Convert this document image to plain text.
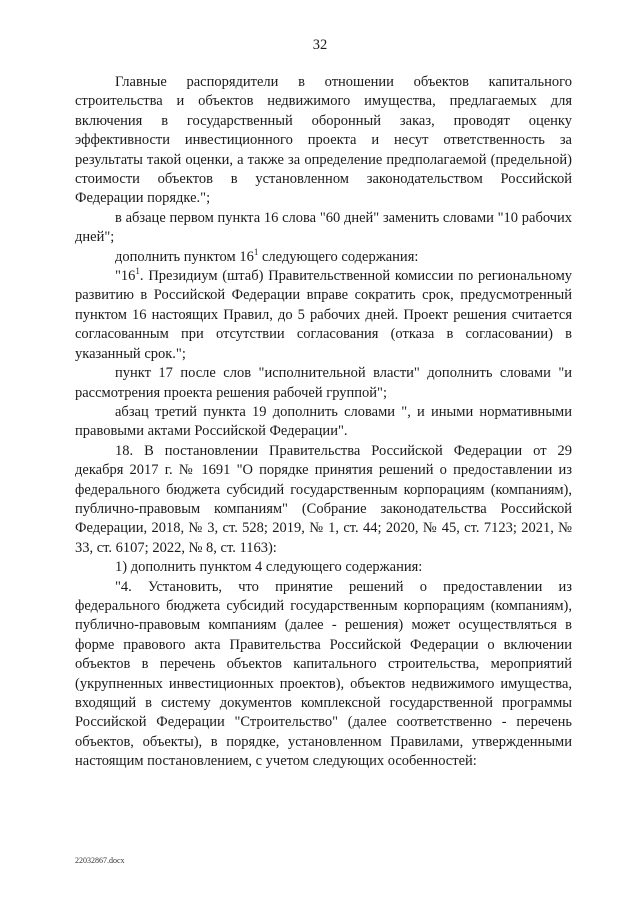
32

Главные распорядители в отношении объектов капитального строительства и объектов недвижимого имущества, предлагаемых для включения в государственный оборонный заказ, проводят оценку эффективности инвестиционного проекта и несут ответственность за результаты такой оценки, а также за определение предполагаемой (предельной) стоимости объектов в установленном законодательством Российской Федерации порядке.";

в абзаце первом пункта 16 слова "60 дней" заменить словами "10 рабочих дней";

дополнить пунктом $16^1$ следующего содержания:

"$16^1$. Президиум (штаб) Правительственной комиссии по региональному развитию в Российской Федерации вправе сократить срок, предусмотренный пунктом 16 настоящих Правил, до 5 рабочих дней. Проект решения считается согласованным при отсутствии согласования (отказа в согласовании) в указанный срок.";

пункт 17 после слов "исполнительной власти" дополнить словами "и рассмотрения проекта решения рабочей группой";

абзац третий пункта 19 дополнить словами ", и иными нормативными правовыми актами Российской Федерации".

18. В постановлении Правительства Российской Федерации от 29 декабря 2017 г. № 1691 "О порядке принятия решений о предоставлении из федерального бюджета субсидий государственным корпорациям (компаниям), публично-правовым компаниям" (Собрание законодательства Российской Федерации, 2018, № 3, ст. 528; 2019, № 1, ст. 44; 2020, № 45, ст. 7123; 2021, № 33, ст. 6107; 2022, № 8, ст. 1163):

1) дополнить пунктом 4 следующего содержания:

"4. Установить, что принятие решений о предоставлении из федерального бюджета субсидий государственным корпорациям (компаниям), публично-правовым компаниям (далее - решения) может осуществляться в форме правового акта Правительства Российской Федерации о включении объектов в перечень объектов капитального строительства, мероприятий (укрупненных инвестиционных проектов), объектов недвижимого имущества, входящий в систему документов комплексной государственной программы Российской Федерации "Строительство" (далее соответственно - перечень объектов, объекты), в порядке, установленном Правилами, утвержденными настоящим постановлением, с учетом следующих особенностей:

22032867.docx
